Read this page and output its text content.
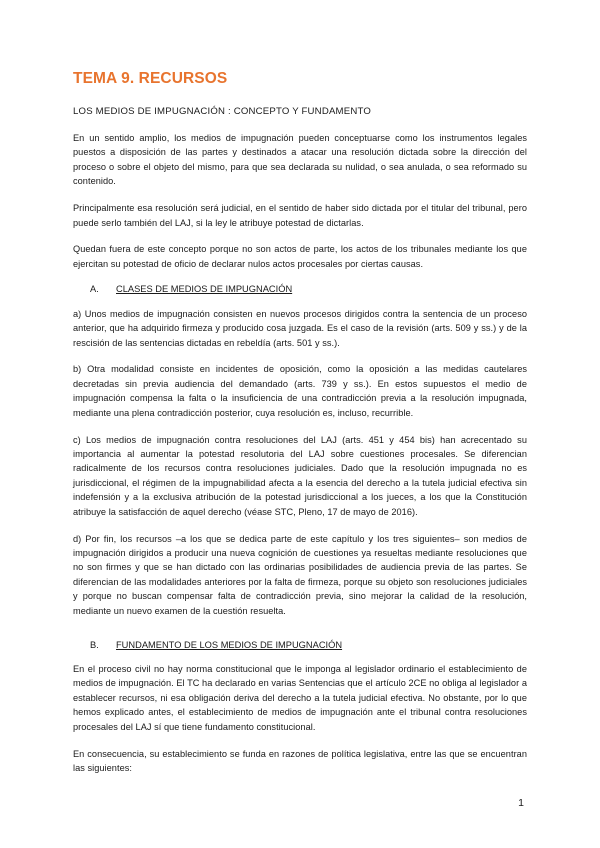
TEMA 9. RECURSOS
LOS MEDIOS DE IMPUGNACIÓN : CONCEPTO Y FUNDAMENTO

En un sentido amplio, los medios de impugnación pueden conceptuarse como los instrumentos legales puestos a disposición de las partes y destinados a atacar una resolución dictada sobre la dirección del proceso o sobre el objeto del mismo, para que sea declarada su nulidad, o sea anulada, o sea reformado su contenido.

Principalmente esa resolución será judicial, en el sentido de haber sido dictada por el titular del tribunal, pero puede serlo también del LAJ, si la ley le atribuye potestad de dictarlas.

Quedan fuera de este concepto porque no son actos de parte, los actos de los tribunales mediante los que ejercitan su potestad de oficio de declarar nulos actos procesales por ciertas causas.

A. CLASES DE MEDIOS DE IMPUGNACIÓN

a) Unos medios de impugnación consisten en nuevos procesos dirigidos contra la sentencia de un proceso anterior, que ha adquirido firmeza y producido cosa juzgada. Es el caso de la revisión (arts. 509 y ss.) y de la rescisión de las sentencias dictadas en rebeldía (arts. 501 y ss.).

b) Otra modalidad consiste en incidentes de oposición, como la oposición a las medidas cautelares decretadas sin previa audiencia del demandado (arts. 739 y ss.). En estos supuestos el medio de impugnación compensa la falta o la insuficiencia de una contradicción previa a la resolución impugnada, mediante una plena contradicción posterior, cuya resolución es, incluso, recurrible.

c) Los medios de impugnación contra resoluciones del LAJ (arts. 451 y 454 bis) han acrecentado su importancia al aumentar la potestad resolutoria del LAJ sobre cuestiones procesales. Se diferencian radicalmente de los recursos contra resoluciones judiciales. Dado que la resolución impugnada no es jurisdiccional, el régimen de la impugnabilidad afecta a la esencia del derecho a la tutela judicial efectiva sin indefensión y a la exclusiva atribución de la potestad jurisdiccional a los jueces, a los que la Constitución atribuye la satisfacción de aquel derecho (véase STC, Pleno, 17 de mayo de 2016).

d) Por fin, los recursos –a los que se dedica parte de este capítulo y los tres siguientes– son medios de impugnación dirigidos a producir una nueva cognición de cuestiones ya resueltas mediante resoluciones que no son firmes y que se han dictado con las ordinarias posibilidades de audiencia previa de las partes. Se diferencian de las modalidades anteriores por la falta de firmeza, porque su objeto son resoluciones judiciales y porque no buscan compensar falta de contradicción previa, sino mejorar la calidad de la resolución, mediante un nuevo examen de la cuestión resuelta.

B. FUNDAMENTO DE LOS MEDIOS DE IMPUGNACIÓN

En el proceso civil no hay norma constitucional que le imponga al legislador ordinario el establecimiento de medios de impugnación. El TC ha declarado en varias Sentencias que el artículo 2CE no obliga al legislador a establecer recursos, ni esa obligación deriva del derecho a la tutela judicial efectiva. No obstante, por lo que hemos explicado antes, el establecimiento de medios de impugnación ante el tribunal contra resoluciones procesales del LAJ sí que tiene fundamento constitucional.

En consecuencia, su establecimiento se funda en razones de política legislativa, entre las que se encuentran las siguientes:

1
